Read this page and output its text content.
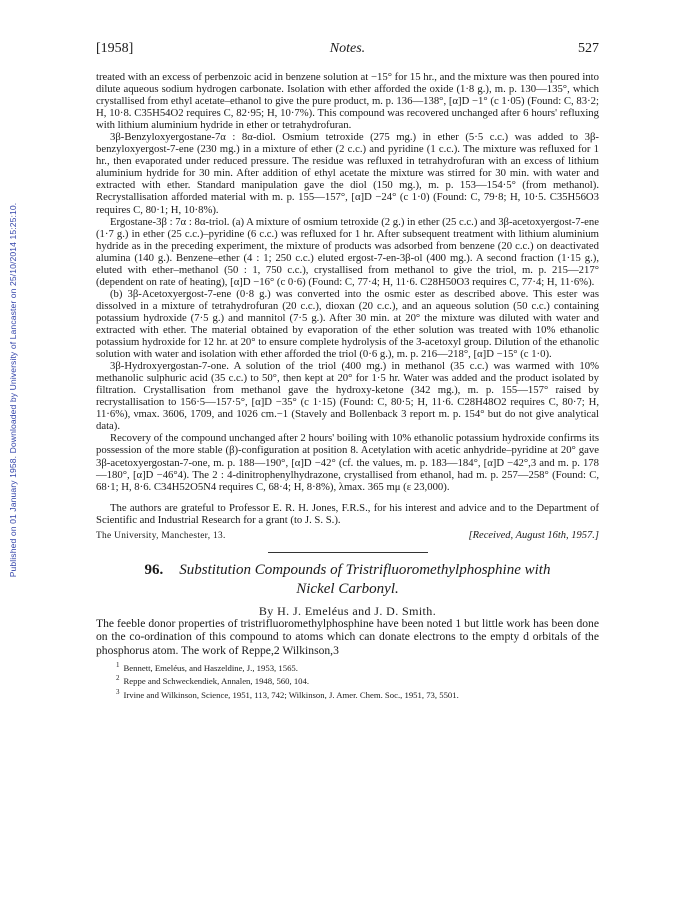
Published on 01 January 1958. Downloaded by University of Lancaster on 25/10/2014 15:25:10.
[1958]	Notes.	527

treated with an excess of perbenzoic acid in benzene solution at −15° for 15 hr., and the mixture was then poured into dilute aqueous sodium hydrogen carbonate. Isolation with ether afforded the oxide (1·8 g.), m. p. 130—135°, which crystallised from ethyl acetate–ethanol to give the pure product, m. p. 136—138°, [α]D −1° (c 1·05) (Found: C, 83·2; H, 10·8. C35H54O2 requires C, 82·95; H, 10·7%). This compound was recovered unchanged after 6 hours' refluxing with lithium aluminium hydride in ether or tetrahydrofuran.

3β-Benzyloxyergostane-7α : 8α-diol. Osmium tetroxide (275 mg.) in ether (5·5 c.c.) was added to 3β-benzyloxyergost-7-ene (230 mg.) in a mixture of ether (2 c.c.) and pyridine (1 c.c.). The mixture was refluxed for 1 hr., then evaporated under reduced pressure. The residue was refluxed in tetrahydrofuran with an excess of lithium aluminium hydride for 30 min. After addition of ethyl acetate the mixture was stirred for 30 min. with water and extracted with ether. Standard manipulation gave the diol (150 mg.), m. p. 153—154·5° (from methanol). Recrystallisation afforded material with m. p. 155—157°, [α]D −24° (c 1·0) (Found: C, 79·8; H, 10·5. C35H56O3 requires C, 80·1; H, 10·8%).

Ergostane-3β : 7α : 8α-triol. (a) A mixture of osmium tetroxide (2 g.) in ether (25 c.c.) and 3β-acetoxyergost-7-ene (1·7 g.) in ether (25 c.c.)–pyridine (6 c.c.) was refluxed for 1 hr. After subsequent treatment with lithium aluminium hydride as in the preceding experiment, the mixture of products was adsorbed from benzene (20 c.c.) on deactivated alumina (140 g.). Benzene–ether (4 : 1; 250 c.c.) eluted ergost-7-en-3β-ol (400 mg.). A second fraction (1·15 g.), eluted with ether–methanol (50 : 1, 750 c.c.), crystallised from methanol to give the triol, m. p. 215—217° (dependent on rate of heating), [α]D −16° (c 0·6) (Found: C, 77·4; H, 11·6. C28H50O3 requires C, 77·4; H, 11·6%).

(b) 3β-Acetoxyergost-7-ene (0·8 g.) was converted into the osmic ester as described above. This ester was dissolved in a mixture of tetrahydrofuran (20 c.c.), dioxan (20 c.c.), and an aqueous solution (50 c.c.) containing potassium hydroxide (7·5 g.) and mannitol (7·5 g.). After 30 min. at 20° the mixture was diluted with water and extracted with ether. The material obtained by evaporation of the ether solution was treated with 10% ethanolic potassium hydroxide for 12 hr. at 20° to ensure complete hydrolysis of the 3-acetoxyl group. Dilution of the ethanolic solution with water and isolation with ether afforded the triol (0·6 g.), m. p. 216—218°, [α]D −15° (c 1·0).

3β-Hydroxyergostan-7-one. A solution of the triol (400 mg.) in methanol (35 c.c.) was warmed with 10% methanolic sulphuric acid (35 c.c.) to 50°, then kept at 20° for 1·5 hr. Water was added and the product isolated by filtration. Crystallisation from methanol gave the hydroxy-ketone (342 mg.), m. p. 155—157° raised by recrystallisation to 156·5—157·5°, [α]D −35° (c 1·15) (Found: C, 80·5; H, 11·6. C28H48O2 requires C, 80·7; H, 11·6%), νmax. 3606, 1709, and 1026 cm.−1 (Stavely and Bollenback 3 report m. p. 154° but do not give analytical data).

Recovery of the compound unchanged after 2 hours' boiling with 10% ethanolic potassium hydroxide confirms its possession of the more stable (β)-configuration at position 8. Acetylation with acetic anhydride–pyridine at 20° gave 3β-acetoxyergostan-7-one, m. p. 188—190°, [α]D −42° (cf. the values, m. p. 183—184°, [α]D −42°,3 and m. p. 178—180°, [α]D −46°4). The 2 : 4-dinitrophenylhydrazone, crystallised from ethanol, had m. p. 257—258° (Found: C, 68·1; H, 8·6. C34H52O5N4 requires C, 68·4; H, 8·8%), λmax. 365 mμ (ε 23,000).

The authors are grateful to Professor E. R. H. Jones, F.R.S., for his interest and advice and to the Department of Scientific and Industrial Research for a grant (to J. S. S.).

The University, Manchester, 13.	[Received, August 16th, 1957.]
96. Substitution Compounds of Tristrifluoromethylphosphine with
Nickel Carbonyl.
By H. J. Emeléus and J. D. Smith.

The feeble donor properties of tristrifluoromethylphosphine have been noted 1 but little work has been done on the co-ordination of this compound to atoms which can donate electrons to the empty d orbitals of the phosphorus atom. The work of Reppe,2 Wilkinson,3

$^1$ Bennett, Emeléus, and Haszeldine, J., 1953, 1565.
$^2$ Reppe and Schweckendiek, Annalen, 1948, 560, 104.
$^3$ Irvine and Wilkinson, Science, 1951, 113, 742; Wilkinson, J. Amer. Chem. Soc., 1951, 73, 5501.
